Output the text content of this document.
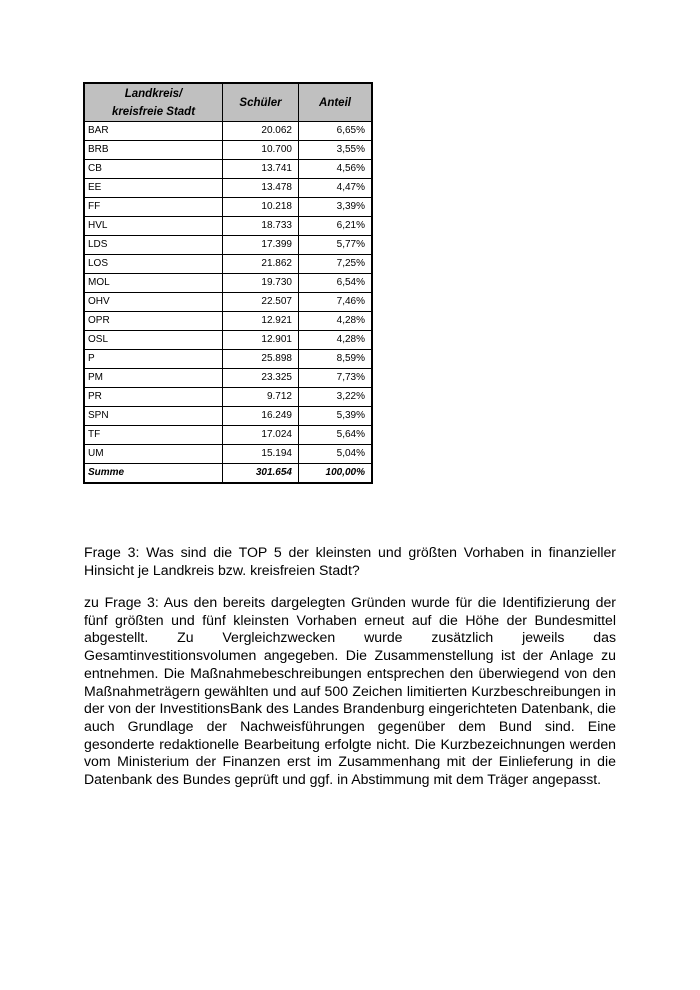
Landkreis/
kreisfreie Stadt	Schüler	Anteil
BAR	20.062	6,65%
BRB	10.700	3,55%
CB	13.741	4,56%
EE	13.478	4,47%
FF	10.218	3,39%
HVL	18.733	6,21%
LDS	17.399	5,77%
LOS	21.862	7,25%
MOL	19.730	6,54%
OHV	22.507	7,46%
OPR	12.921	4,28%
OSL	12.901	4,28%
P	25.898	8,59%
PM	23.325	7,73%
PR	9.712	3,22%
SPN	16.249	5,39%
TF	17.024	5,64%
UM	15.194	5,04%
Summe	301.654	100,00%

Frage 3: Was sind die TOP 5 der kleinsten und größten Vorhaben in finanzieller Hinsicht je Landkreis bzw. kreisfreien Stadt?

zu Frage 3: Aus den bereits dargelegten Gründen wurde für die Identifizierung der fünf größten und fünf kleinsten Vorhaben erneut auf die Höhe der Bundesmittel abgestellt. Zu Vergleichzwecken wurde zusätzlich jeweils das Gesamtinvestitionsvolumen angegeben. Die Zusammenstellung ist der Anlage zu entnehmen. Die Maßnahmebeschreibungen entsprechen den überwiegend von den Maßnahmeträgern gewählten und auf 500 Zeichen limitierten Kurzbeschreibungen in der von der InvestitionsBank des Landes Brandenburg eingerichteten Datenbank, die auch Grundlage der Nachweisführungen gegenüber dem Bund sind. Eine gesonderte redaktionelle Bearbeitung erfolgte nicht. Die Kurzbezeichnungen werden vom Ministerium der Finanzen erst im Zusammenhang mit der Einlieferung in die Datenbank des Bundes geprüft und ggf. in Abstimmung mit dem Träger angepasst.
